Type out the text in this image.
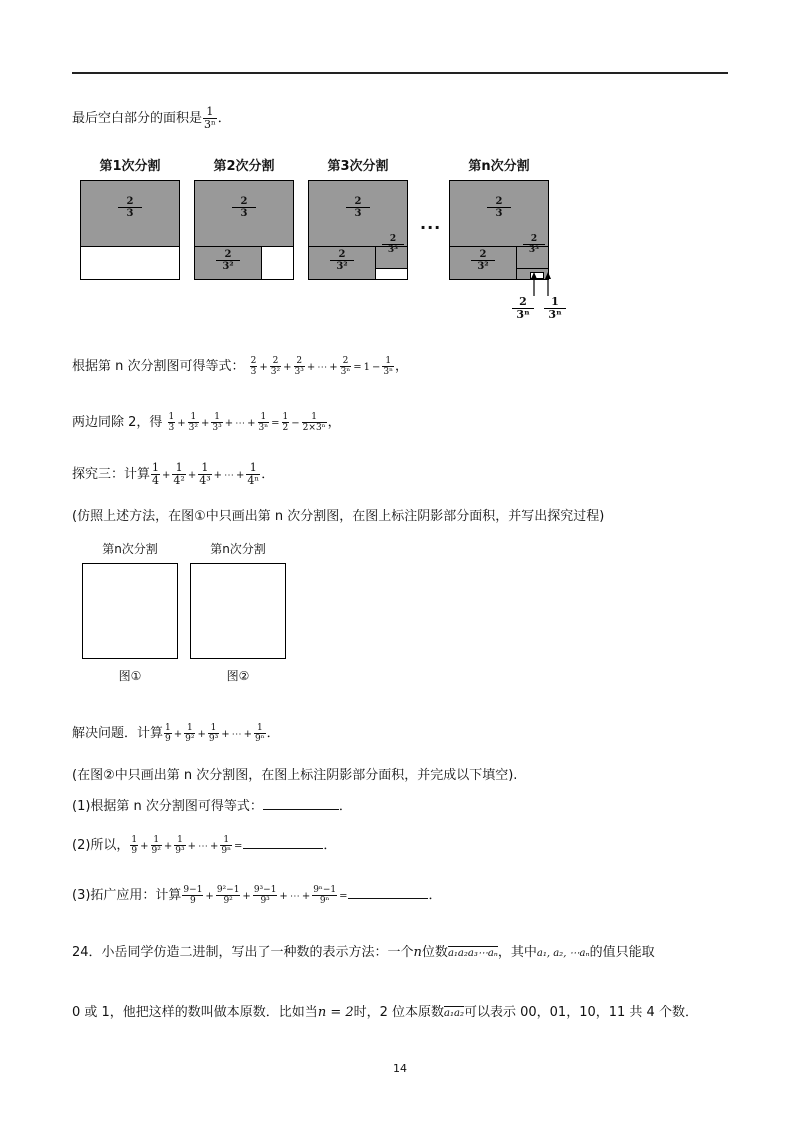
最后空白部分的面积是 $\frac{1}{\text{3ⁿ}}$ ．
第1次分割	第2次分割	第3次分割	第n次分割
2
3
2
3
2
3²
2
3
2
3²
2
3³
···
2
3
2
3²
2
3³
2
3ⁿ
1
3ⁿ
根据第 n 次分割图可得等式： $\frac{2}{3} + \frac{2}{\text{3²}} + \frac{2}{\text{3³}}$ + ⋯ + $\frac{2}{\text{3ⁿ}} = 1 - \frac{1}{\text{3ⁿ}}$ ，
两边同除 2，得 $\frac{1}{3} + \frac{1}{\text{3²}} + \frac{1}{\text{3³}}$ + ⋯ + $\frac{1}{\text{3ⁿ}} = \frac{1}{2} - \frac{1}{\text{2×3ⁿ}}$ ，
探究三：计算 $\frac{1}{4} + \frac{1}{\text{4²}} + \frac{1}{\text{4³}}$ + ⋯ + $\frac{1}{\text{4ⁿ}}$ ．
(仿照上述方法，在图①中只画出第 n 次分割图，在图上标注阴影部分面积，并写出探究过程)
第n次分割	第n次分割
图①	图②
解决问题．计算 $\frac{1}{9} + \frac{1}{\text{9²}} + \frac{1}{\text{9³}}$ + ⋯ + $\frac{1}{\text{9ⁿ}}$ ．
(在图②中只画出第 n 次分割图，在图上标注阴影部分面积，并完成以下填空).
(1)根据第 n 次分割图可得等式：	．
(2)所以， $\frac{1}{9} + \frac{1}{\text{9²}} + \frac{1}{\text{9³}}$ + ⋯ + $\frac{1}{\text{9ⁿ}}$ =	．
(3)拓广应用：计算 $\frac{9-1}{9} + \frac{\text{9²−1}}{\text{9²}} + \frac{\text{9³−1}}{\text{9³}}$ + ⋯ + $\frac{\text{9ⁿ−1}}{\text{9ⁿ}}$ =	．
24．小岳同学仿造二进制，写出了一种数的表示方法：一个n位数a₁a₂a₃⋯aₙ，其中a₁, a₂, ⋯aₙ的值只能取
0 或 1，他把这样的数叫做本原数．比如当n = 2时，2 位本原数a₁a₂可以表示 00，01，10，11 共 4 个数．
14
